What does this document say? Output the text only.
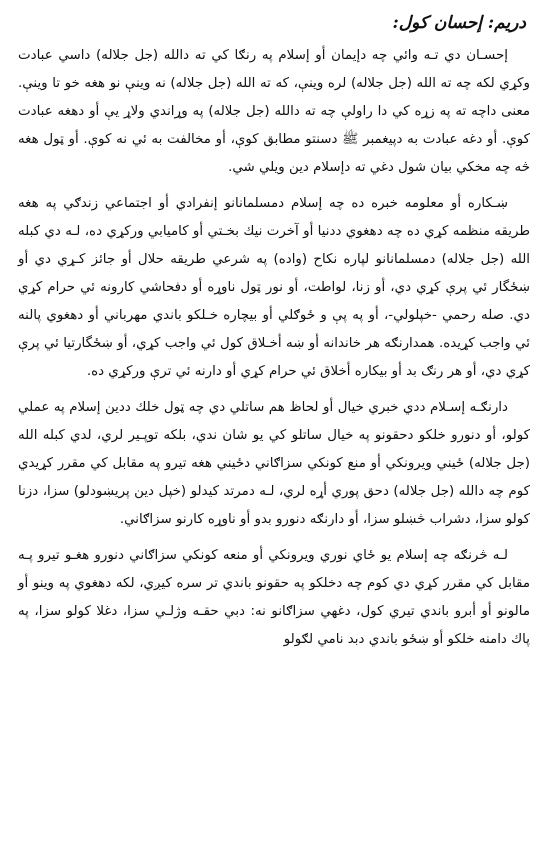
دريم: إحسان کول:

إحسـان دي تـه وائي چه دإيمان أو إسلام په رنګا كي ته دالله (جل جلاله) داسي عبادت وكړي لكه چه ته الله (جل جلاله) لره وينې، كه ته الله (جل جلاله) نه وينې نو هغه خو تا وينې. معنى داچه ته په زړه كي دا راولې چه ته دالله (جل جلاله) په وړاندي ولاړ يې أو دهغه عبادت كوې. أو دغه عبادت به دپيغمبر ﷺ دسنتو مطابق كوې، أو مخالفت به ئي نه كوې. أو ټول هغه څه چه مخكي بيان شول دغي ته دإسلام دين ويلي شي.

ښـكاره أو معلومه خبره ده چه إسلام دمسلمانانو إنفرادي أو اجتماعي زندګي په هغه طريقه منظمه كړي ده چه دهغوي ددنيا أو آخرت نيك بخـتي أو كامیابي وركړي ده، لـه دي كبله الله (جل جلاله) دمسلمانانو لپاره نكاح (واده) په شرعي طريقه حلال أو جائز كـړي دي أو ښځگار ئي پرې كړي دي، أو زنا، لواطت، أو نور ټول ناوړه أو دفحاشي كارونه ئي حرام كړي دي. صله رحمي -خپلولي-، أو په پې و ځوګلي أو بيچاره خـلكو باندي مهرباني أو دهغوي پالنه ئي واجب كړيده. همدارنګه هر خاندانه أو ښه أخـلاق كول ئي واجب كړي، أو ښځگارتيا ئي پرې كړي دي، أو هر رنګ بد أو بيكاره أخلاق ئي حرام كړي أو دارنه ئي ترې وركړي ده.

دارنګـه إسـلام ددي خبري خيال أو لحاظ هم ساتلي دي چه ټول خلك ددين إسلام په عملي كولو، أو دنورو خلكو دحقونو په خيال ساتلو كي يو شان ندي، بلكه توپـير لري، لدي كبله الله (جل جلاله) ځيني ويرونكي أو منع كونكي سزاګاني دځيني هغه تيرو په مقابل كي مقرر كړيدي كوم چه دالله (جل جلاله) دحق پوري أړه لري، لـه دمرتد كيدلو (خپل دين پريښودلو) سزا، دزنا كولو سزا، دشراب څښلو سزا، أو دارنګه دنورو بدو أو ناوړه كارنو سزاګاني.

لـه څرنګه چه إسلام يو ځاي نوري ويرونكي أو منعه كونكي سزاګاني دنورو هغـو تيرو پـه مقابل كي مقرر كړي دي كوم چه دخلكو په حقونو باندي تر سره كيږي، لكه دهغوي په وينو أو مالونو أو أبرو باندي تيري كول، دغهي سزاګانو نه: دبي حقـه وژلـي سزا، دغلا كولو سزا، په پاك دامنه خلكو أو ښځو باندي دبد نامي لګولو
